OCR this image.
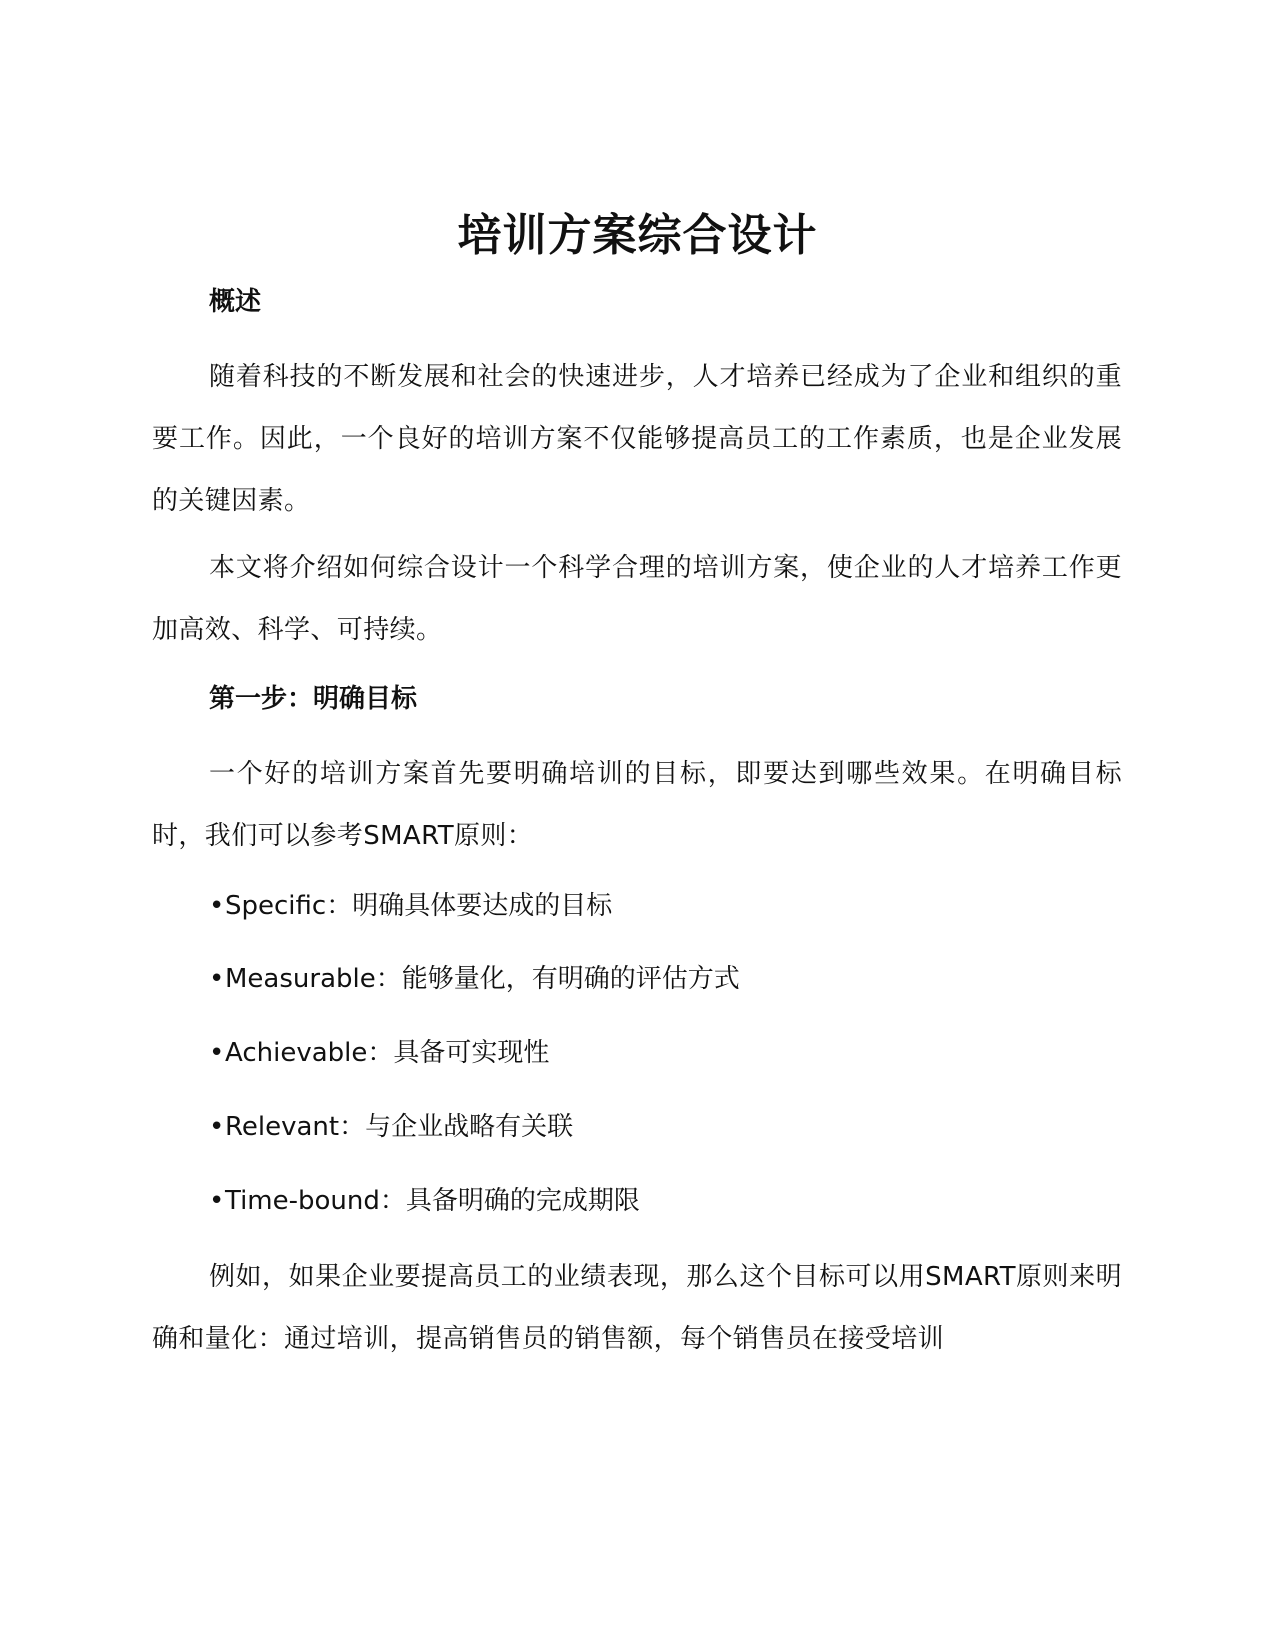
培训方案综合设计
概述
随着科技的不断发展和社会的快速进步，人才培养已经成为了企业和组织的重要工作。因此，一个良好的培训方案不仅能够提高员工的工作素质，也是企业发展的关键因素。
本文将介绍如何综合设计一个科学合理的培训方案，使企业的人才培养工作更加高效、科学、可持续。
第一步：明确目标
一个好的培训方案首先要明确培训的目标，即要达到哪些效果。在明确目标时，我们可以参考SMART原则：
•Specific：明确具体要达成的目标
•Measurable：能够量化，有明确的评估方式
•Achievable：具备可实现性
•Relevant：与企业战略有关联
•Time-bound：具备明确的完成期限
例如，如果企业要提高员工的业绩表现，那么这个目标可以用SMART原则来明确和量化：通过培训，提高销售员的销售额，每个销售员在接受培训
